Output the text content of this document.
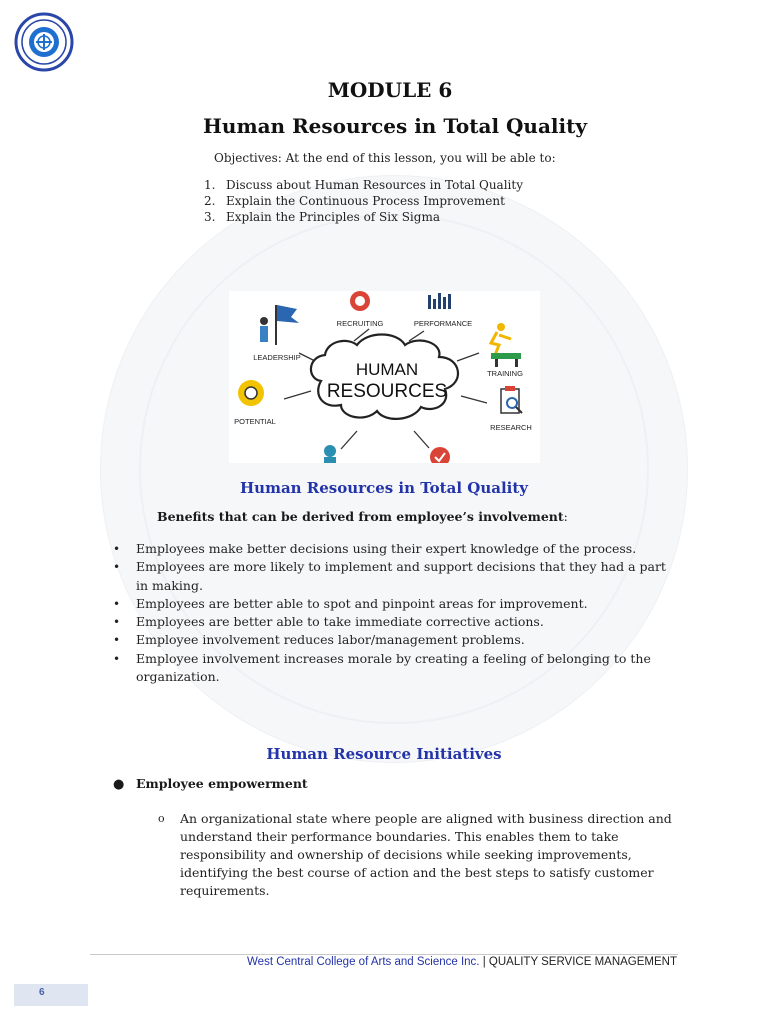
MODULE 6
Human Resources in Total Quality
Objectives: At the end of this lesson, you will be able to:
1. Discuss about Human Resources in Total Quality
2. Explain the Continuous Process Improvement
3. Explain the Principles of Six Sigma
HUMAN
RESOURCES
RECRUITING	PERFORMANCE
LEADERSHIP
TRAINING
POTENTIAL
RESEARCH
Human Resources in Total Quality
Benefits that can be derived from employee’s involvement:
• Employees make better decisions using their expert knowledge of the process.
• Employees are more likely to implement and support decisions that they had a part in making.
• Employees are better able to spot and pinpoint areas for improvement.
• Employees are better able to take immediate corrective actions.
• Employee involvement reduces labor/management problems.
• Employee involvement increases morale by creating a feeling of belonging to the organization.
Human Resource Initiatives
● Employee empowerment
o	An organizational state where people are aligned with business direction and understand their performance boundaries. This enables them to take responsibility and ownership of decisions while seeking improvements, identifying the best course of action and the best steps to satisfy customer requirements.
West Central College of Arts and Science Inc. | QUALITY SERVICE MANAGEMENT
6
